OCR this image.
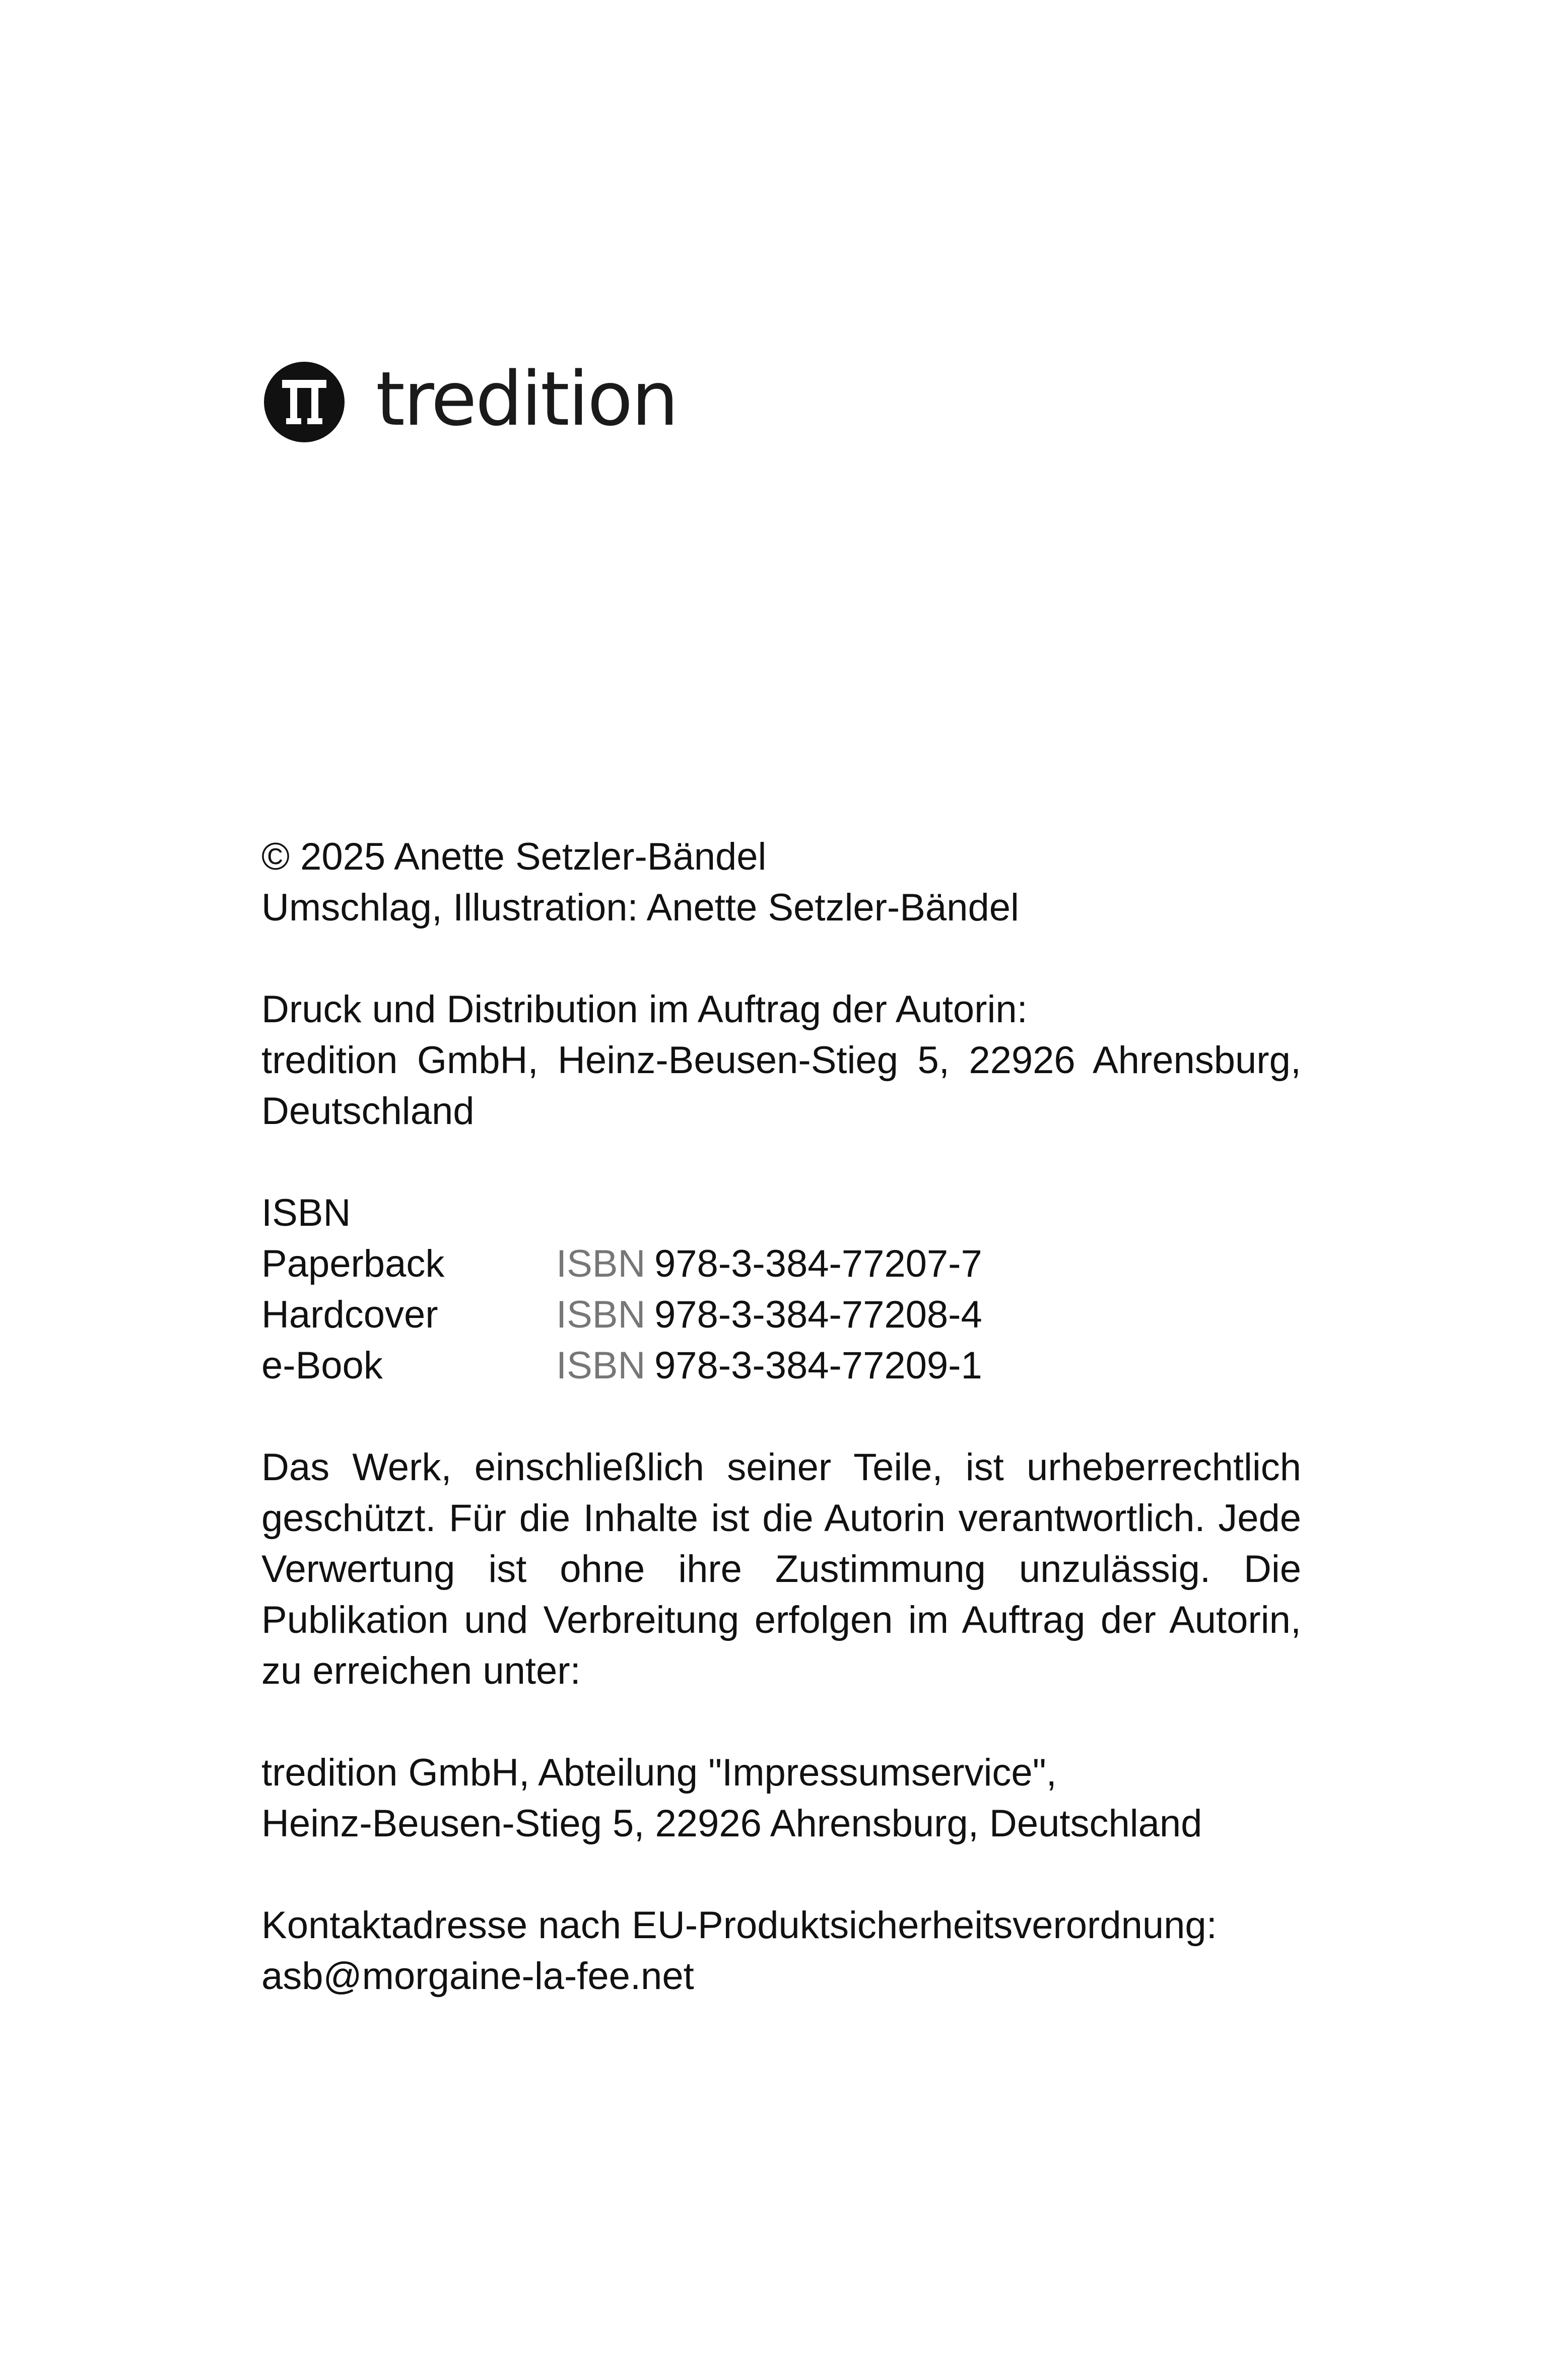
tredition
© 2025 Anette Setzler-Bändel
Umschlag, Illustration: Anette Setzler-Bändel
Druck und Distribution im Auftrag der Autorin:
tredition GmbH, Heinz-Beusen-Stieg 5, 22926 Ahrensburg,
Deutschland
ISBN
Paperback	ISBN 978-3-384-77207-7
Hardcover	ISBN 978-3-384-77208-4
e-Book	ISBN 978-3-384-77209-1
Das Werk, einschließlich seiner Teile, ist urheberrechtlich
geschützt. Für die Inhalte ist die Autorin verantwortlich. Jede
Verwertung ist ohne ihre Zustimmung unzulässig. Die
Publikation und Verbreitung erfolgen im Auftrag der Autorin,
zu erreichen unter:
tredition GmbH, Abteilung "Impressumservice",
Heinz-Beusen-Stieg 5, 22926 Ahrensburg, Deutschland
Kontaktadresse nach EU-Produktsicherheitsverordnung:
asb@morgaine-la-fee.net
